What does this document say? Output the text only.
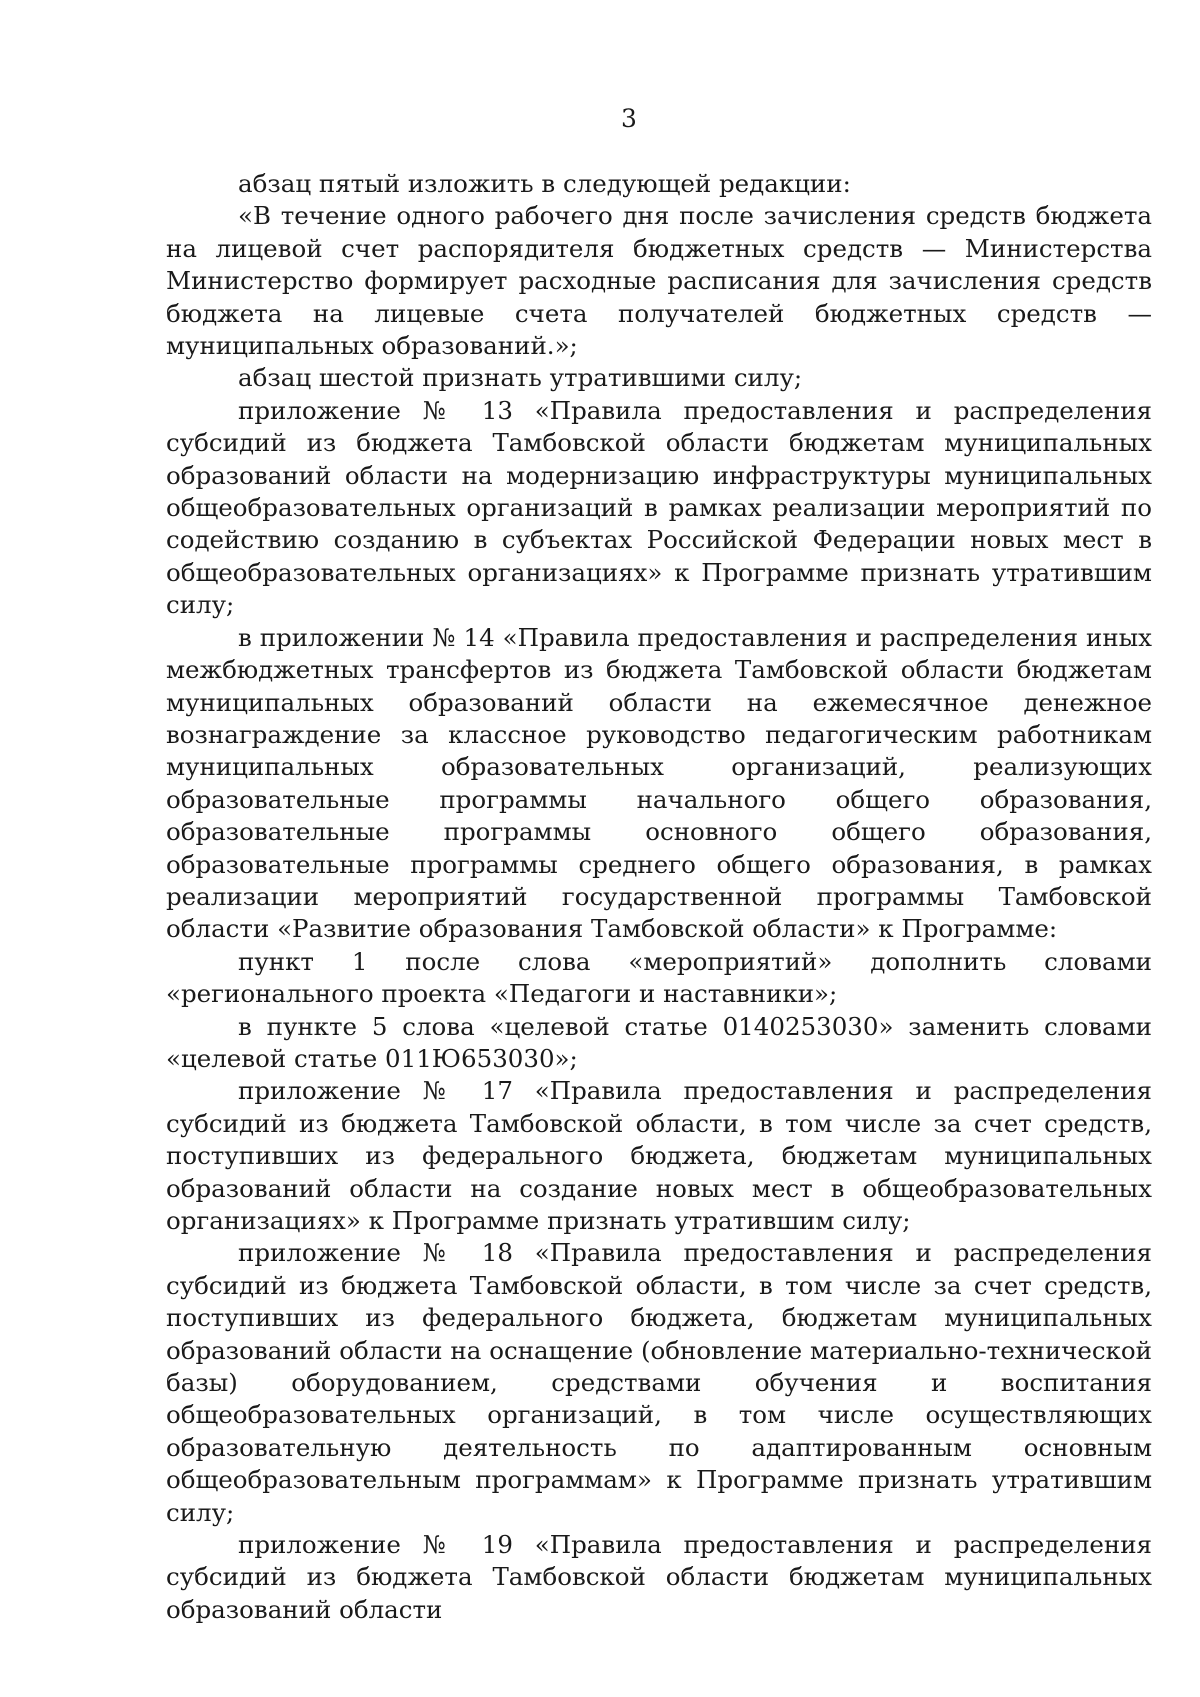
3

абзац пятый изложить в следующей редакции:

«В течение одного рабочего дня после зачисления средств бюджета на лицевой счет распорядителя бюджетных средств — Министерства Министерство формирует расходные расписания для зачисления средств бюджета на лицевые счета получателей бюджетных средств — муниципальных образований.»;

абзац шестой признать утратившими силу;

приложение № 13 «Правила предоставления и распределения субсидий из бюджета Тамбовской области бюджетам муниципальных образований области на модернизацию инфраструктуры муниципальных общеобразовательных организаций в рамках реализации мероприятий по содействию созданию в субъектах Российской Федерации новых мест в общеобразовательных организациях» к Программе признать утратившим силу;

в приложении № 14 «Правила предоставления и распределения иных межбюджетных трансфертов из бюджета Тамбовской области бюджетам муниципальных образований области на ежемесячное денежное вознаграждение за классное руководство педагогическим работникам муниципальных образовательных организаций, реализующих образовательные программы начального общего образования, образовательные программы основного общего образования, образовательные программы среднего общего образования, в рамках реализации мероприятий государственной программы Тамбовской области «Развитие образования Тамбовской области» к Программе:

пункт 1 после слова «мероприятий» дополнить словами «регионального проекта «Педагоги и наставники»;

в пункте 5 слова «целевой статье 0140253030» заменить словами «целевой статье 011Ю653030»;

приложение № 17 «Правила предоставления и распределения субсидий из бюджета Тамбовской области, в том числе за счет средств, поступивших из федерального бюджета, бюджетам муниципальных образований области на создание новых мест в общеобразовательных организациях» к Программе признать утратившим силу;

приложение № 18 «Правила предоставления и распределения субсидий из бюджета Тамбовской области, в том числе за счет средств, поступивших из федерального бюджета, бюджетам муниципальных образований области на оснащение (обновление материально-технической базы) оборудованием, средствами обучения и воспитания общеобразовательных организаций, в том числе осуществляющих образовательную деятельность по адаптированным основным общеобразовательным программам» к Программе признать утратившим силу;

приложение № 19 «Правила предоставления и распределения субсидий из бюджета Тамбовской области бюджетам муниципальных образований области
